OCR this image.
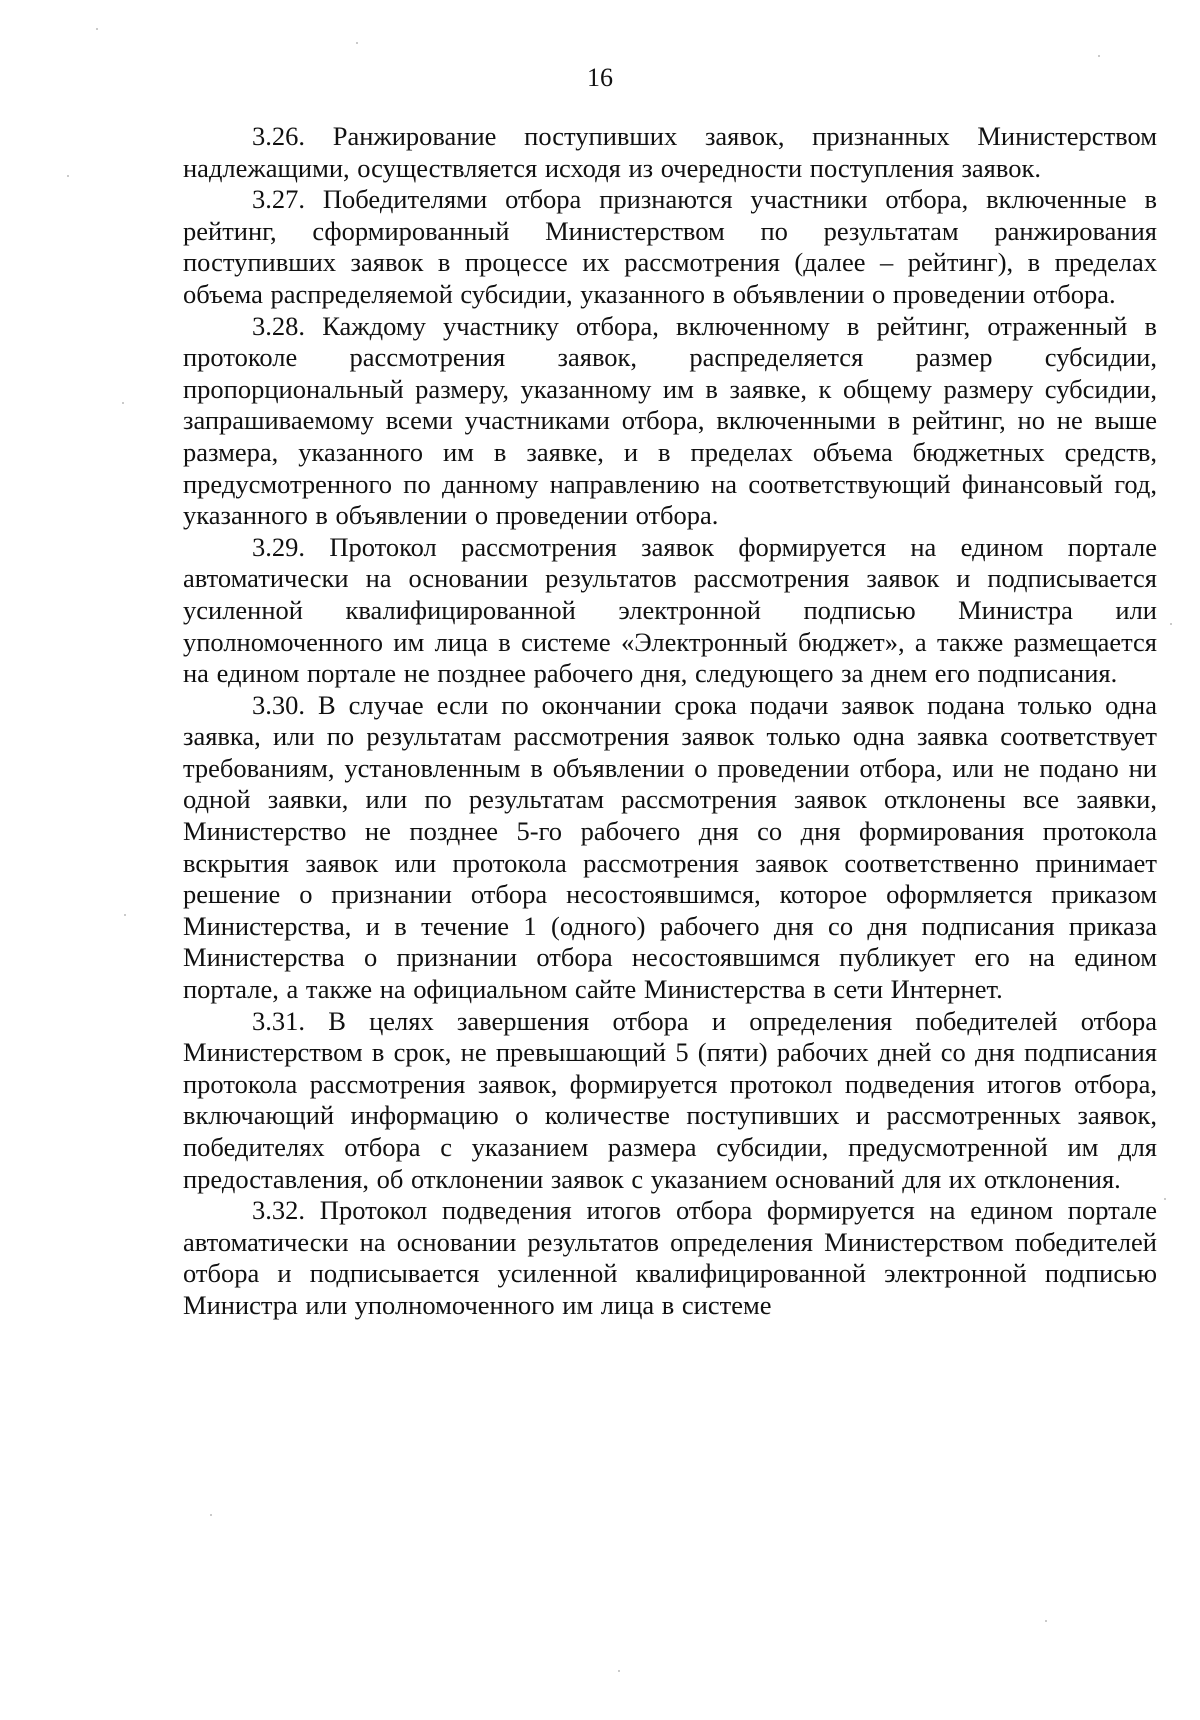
16

3.26. Ранжирование поступивших заявок, признанных Министерством надлежащими, осуществляется исходя из очередности поступления заявок.

3.27. Победителями отбора признаются участники отбора, включенные в рейтинг, сформированный Министерством по результатам ранжирования поступивших заявок в процессе их рассмотрения (далее – рейтинг), в пределах объема распределяемой субсидии, указанного в объявлении о проведении отбора.

3.28. Каждому участнику отбора, включенному в рейтинг, отраженный в протоколе рассмотрения заявок, распределяется размер субсидии, пропорциональный размеру, указанному им в заявке, к общему размеру субсидии, запрашиваемому всеми участниками отбора, включенными в рейтинг, но не выше размера, указанного им в заявке, и в пределах объема бюджетных средств, предусмотренного по данному направлению на соответствующий финансовый год, указанного в объявлении о проведении отбора.

3.29. Протокол рассмотрения заявок формируется на едином портале автоматически на основании результатов рассмотрения заявок и подписывается усиленной квалифицированной электронной подписью Министра или уполномоченного им лица в системе «Электронный бюджет», а также размещается на едином портале не позднее рабочего дня, следующего за днем его подписания.

3.30. В случае если по окончании срока подачи заявок подана только одна заявка, или по результатам рассмотрения заявок только одна заявка соответствует требованиям, установленным в объявлении о проведении отбора, или не подано ни одной заявки, или по результатам рассмотрения заявок отклонены все заявки, Министерство не позднее 5-го рабочего дня со дня формирования протокола вскрытия заявок или протокола рассмотрения заявок соответственно принимает решение о признании отбора несостоявшимся, которое оформляется приказом Министерства, и в течение 1 (одного) рабочего дня со дня подписания приказа Министерства о признании отбора несостоявшимся публикует его на едином портале, а также на официальном сайте Министерства в сети Интернет.

3.31. В целях завершения отбора и определения победителей отбора Министерством в срок, не превышающий 5 (пяти) рабочих дней со дня подписания протокола рассмотрения заявок, формируется протокол подведения итогов отбора, включающий информацию о количестве поступивших и рассмотренных заявок, победителях отбора с указанием размера субсидии, предусмотренной им для предоставления, об отклонении заявок с указанием оснований для их отклонения.

3.32. Протокол подведения итогов отбора формируется на едином портале автоматически на основании результатов определения Министерством победителей отбора и подписывается усиленной квалифицированной электронной подписью Министра или уполномоченного им лица в системе
